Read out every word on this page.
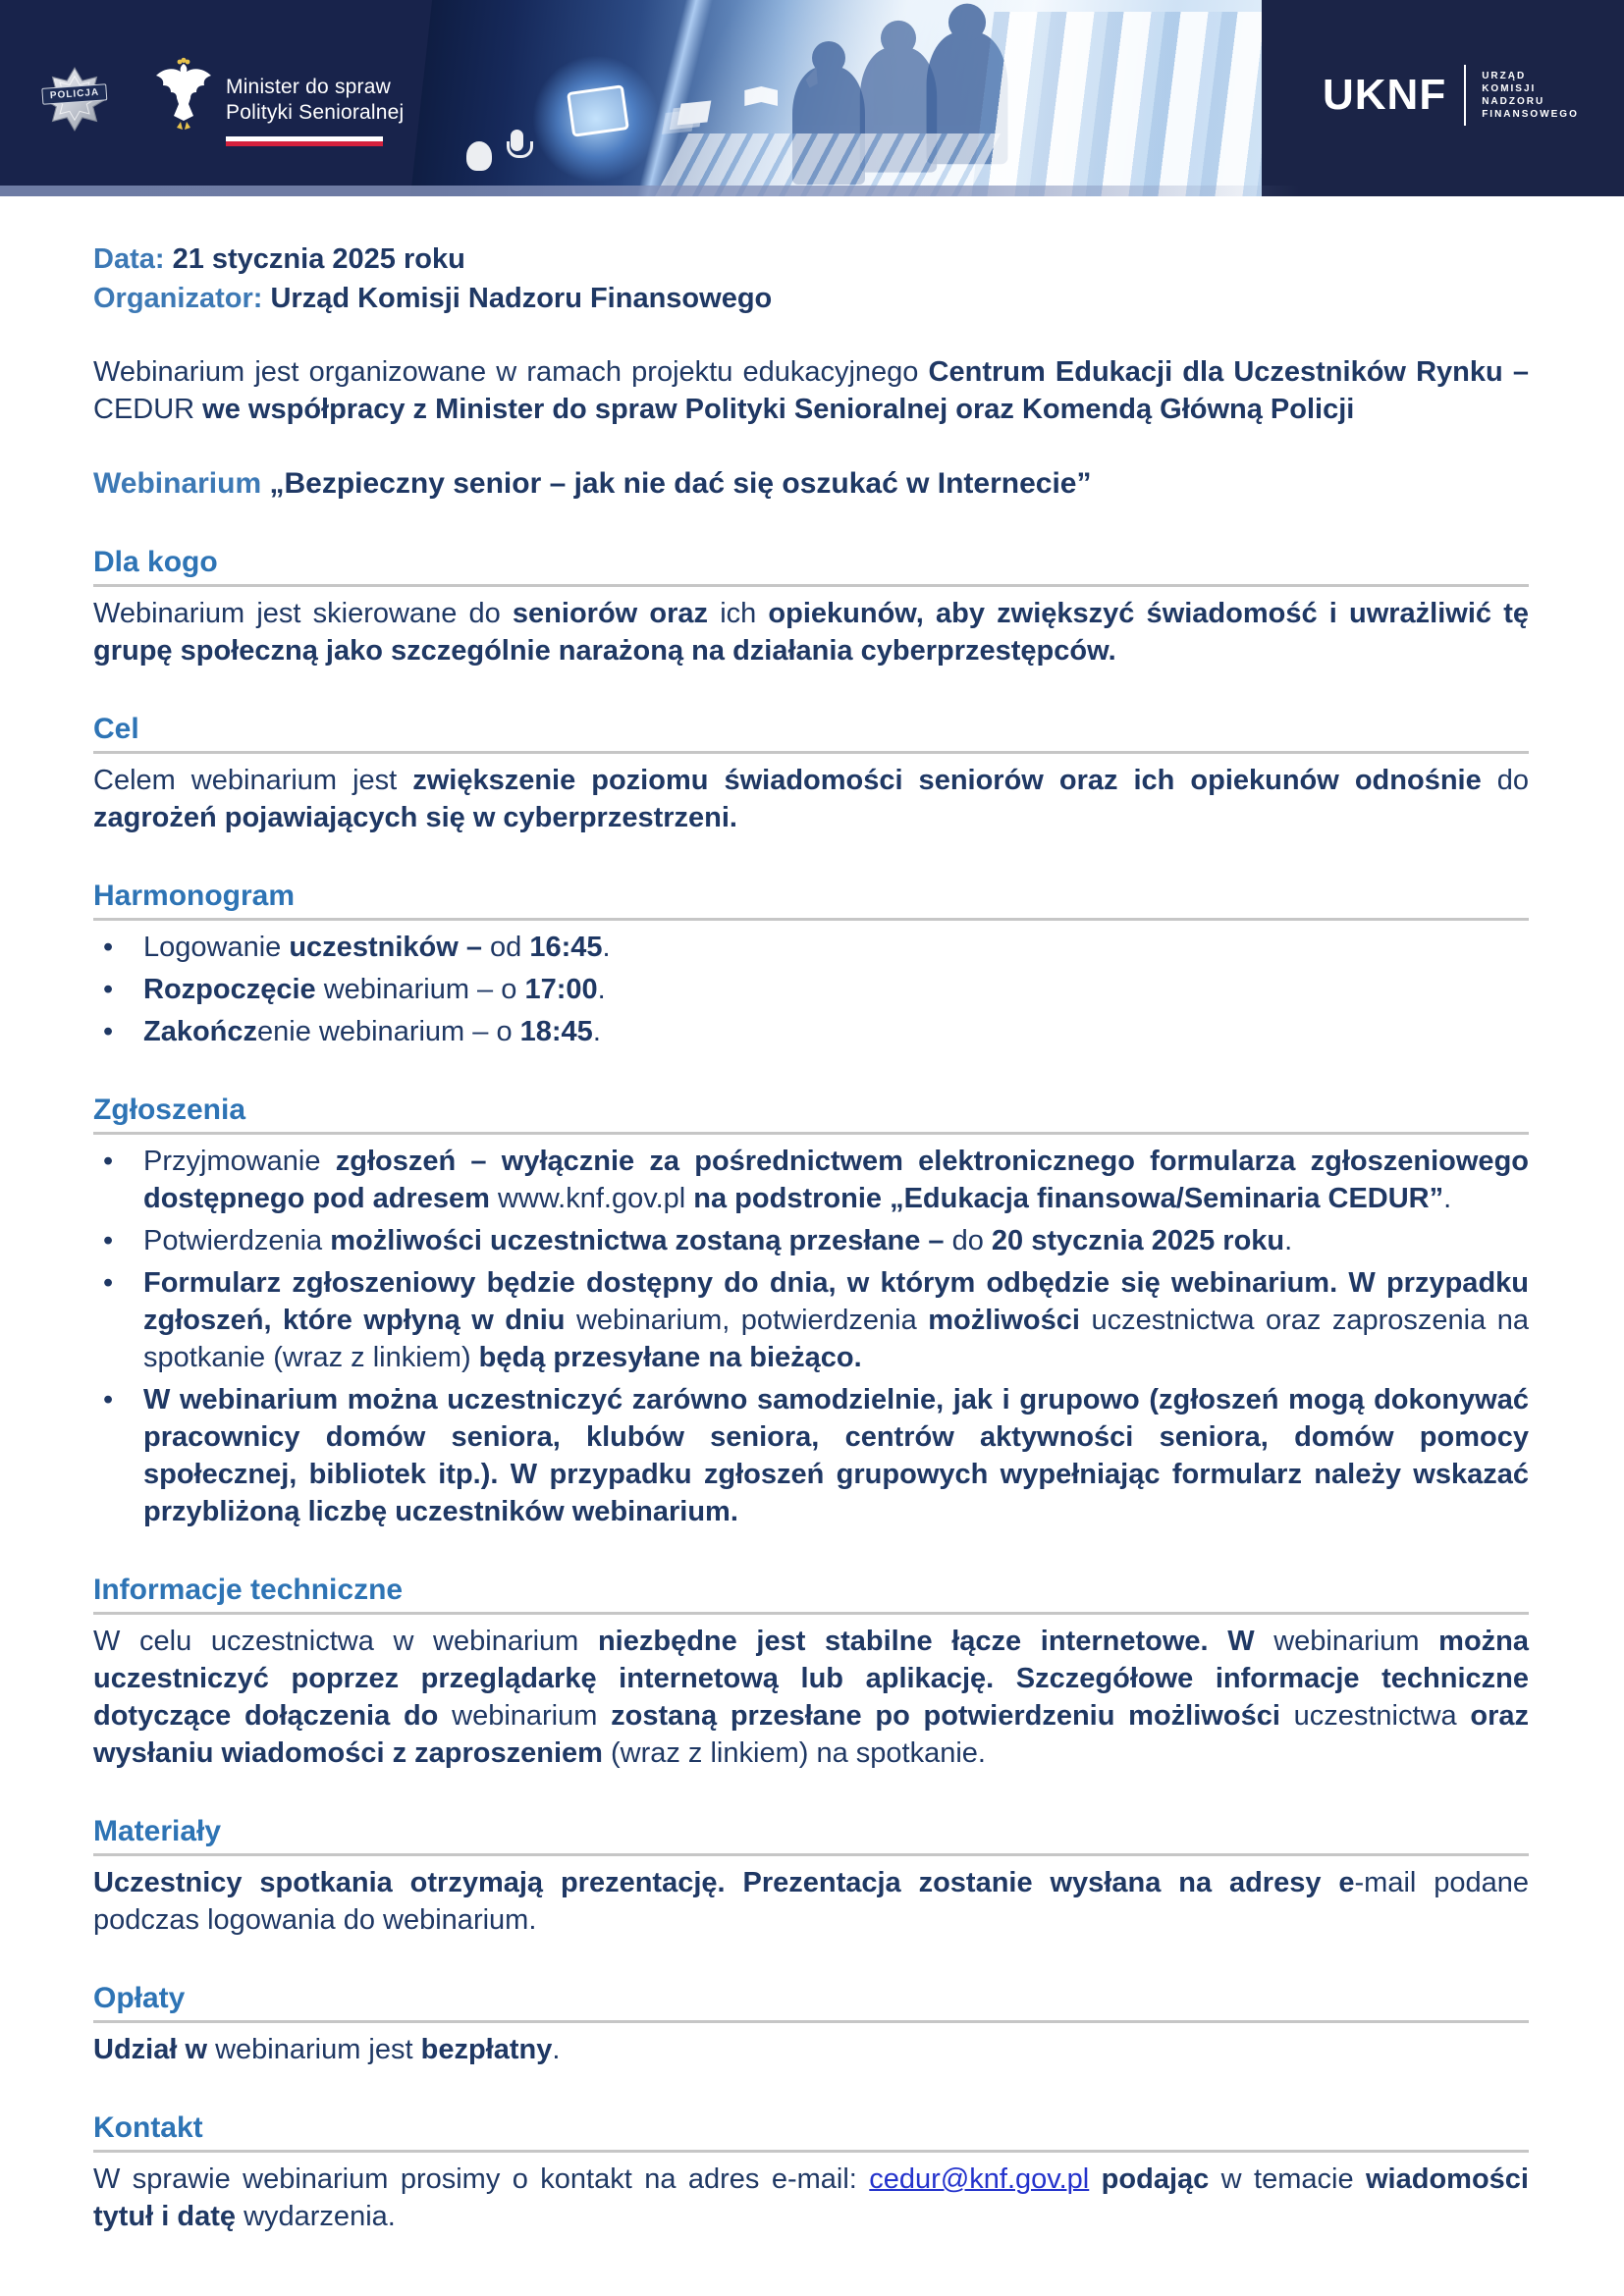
POLICJA	Minister do spraw
Polityki Senioralnej	UKNF	URZĄD
KOMISJI
NADZORU
FINANSOWEGO
Data: 21 stycznia 2025 roku
Organizator: Urząd Komisji Nadzoru Finansowego
Webinarium jest organizowane w ramach projektu edukacyjnego Centrum Edukacji dla Uczestników Rynku – CEDUR we współpracy z Minister do spraw Polityki Senioralnej oraz Komendą Główną Policji
Webinarium „Bezpieczny senior – jak nie dać się oszukać w Internecie”
Dla kogo
Webinarium jest skierowane do seniorów oraz ich opiekunów, aby zwiększyć świadomość i uwrażliwić tę grupę społeczną jako szczególnie narażoną na działania cyberprzestępców.
Cel
Celem webinarium jest zwiększenie poziomu świadomości seniorów oraz ich opiekunów odnośnie do zagrożeń pojawiających się w cyberprzestrzeni.
Harmonogram
•	Logowanie uczestników – od 16:45.
•	Rozpoczęcie webinarium – o 17:00.
•	Zakończenie webinarium – o 18:45.
Zgłoszenia
•	Przyjmowanie zgłoszeń – wyłącznie za pośrednictwem elektronicznego formularza zgłoszeniowego dostępnego pod adresem www.knf.gov.pl na podstronie „Edukacja finansowa/Seminaria CEDUR”.
•	Potwierdzenia możliwości uczestnictwa zostaną przesłane – do 20 stycznia 2025 roku.
•	Formularz zgłoszeniowy będzie dostępny do dnia, w którym odbędzie się webinarium. W przypadku zgłoszeń, które wpłyną w dniu webinarium, potwierdzenia możliwości uczestnictwa oraz zaproszenia na spotkanie (wraz z linkiem) będą przesyłane na bieżąco.
•	W webinarium można uczestniczyć zarówno samodzielnie, jak i grupowo (zgłoszeń mogą dokonywać pracownicy domów seniora, klubów seniora, centrów aktywności seniora, domów pomocy społecznej, bibliotek itp.). W przypadku zgłoszeń grupowych wypełniając formularz należy wskazać przybliżoną liczbę uczestników webinarium.
Informacje techniczne
W celu uczestnictwa w webinarium niezbędne jest stabilne łącze internetowe. W webinarium można uczestniczyć poprzez przeglądarkę internetową lub aplikację. Szczegółowe informacje techniczne dotyczące dołączenia do webinarium zostaną przesłane po potwierdzeniu możliwości uczestnictwa oraz wysłaniu wiadomości z zaproszeniem (wraz z linkiem) na spotkanie.
Materiały
Uczestnicy spotkania otrzymają prezentację. Prezentacja zostanie wysłana na adresy e-mail podane podczas logowania do webinarium.
Opłaty
Udział w webinarium jest bezpłatny.
Kontakt
W sprawie webinarium prosimy o kontakt na adres e-mail: cedur@knf.gov.pl podając w temacie wiadomości tytuł i datę wydarzenia.
